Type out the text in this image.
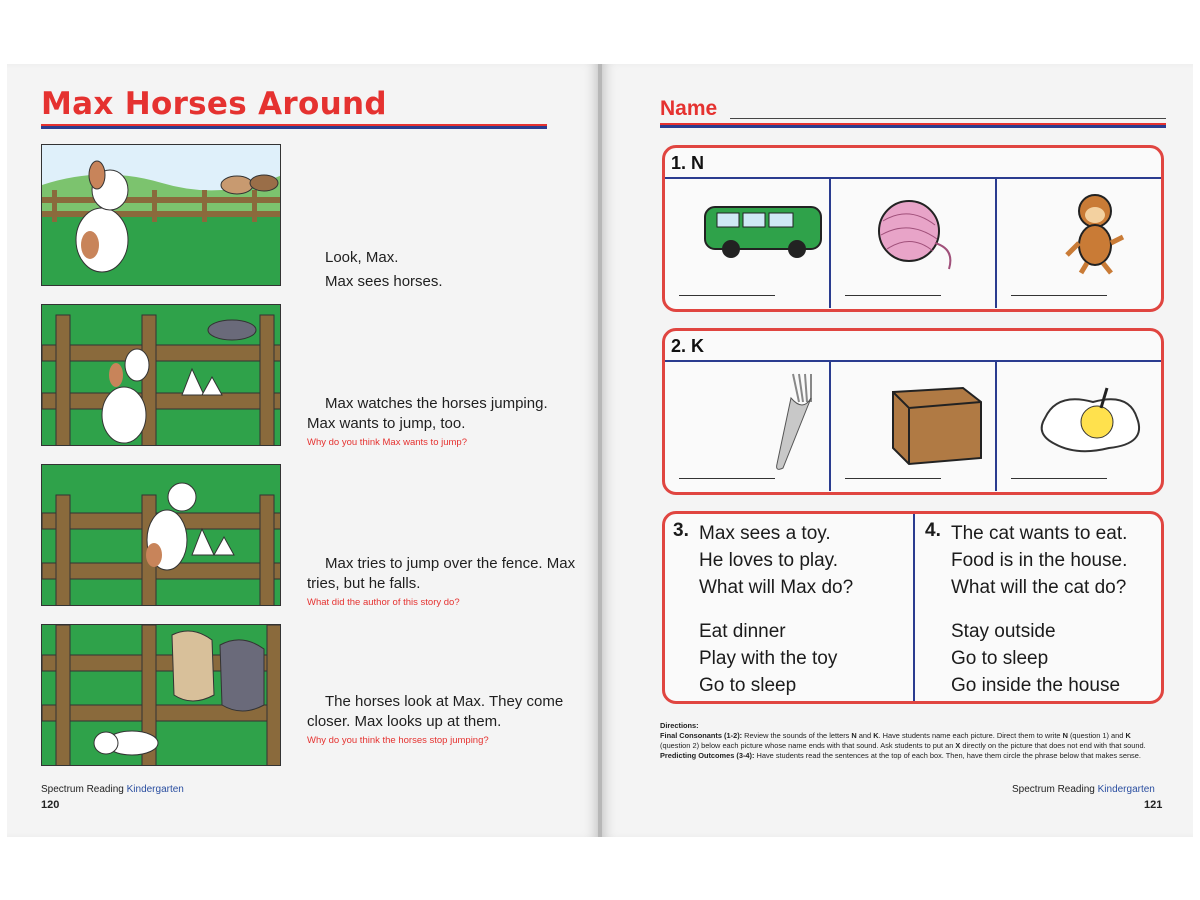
Max Horses Around
Look, Max.
Max sees horses.

Max watches the horses jumping. Max wants to jump, too.

Why do you think Max wants to jump?

Max tries to jump over the fence. Max tries, but he falls.

What did the author of this story do?

The horses look at Max. They come closer. Max looks up at them.

Why do you think the horses stop jumping?
Spectrum Reading Kindergarten
120
Name
1. N
2. K
3. Max sees a toy.
He loves to play.
What will Max do?
Eat dinner
Play with the toy
Go to sleep
4. The cat wants to eat.
Food is in the house.
What will the cat do?
Stay outside
Go to sleep
Go inside the house
Directions:
Final Consonants (1-2): Review the sounds of the letters N and K. Have students name each picture. Direct them to write N (question 1) and K (question 2) below each picture whose name ends with that sound. Ask students to put an X directly on the picture that does not end with that sound.
Predicting Outcomes (3-4): Have students read the sentences at the top of each box. Then, have them circle the phrase below that makes sense.
Spectrum Reading Kindergarten
121
